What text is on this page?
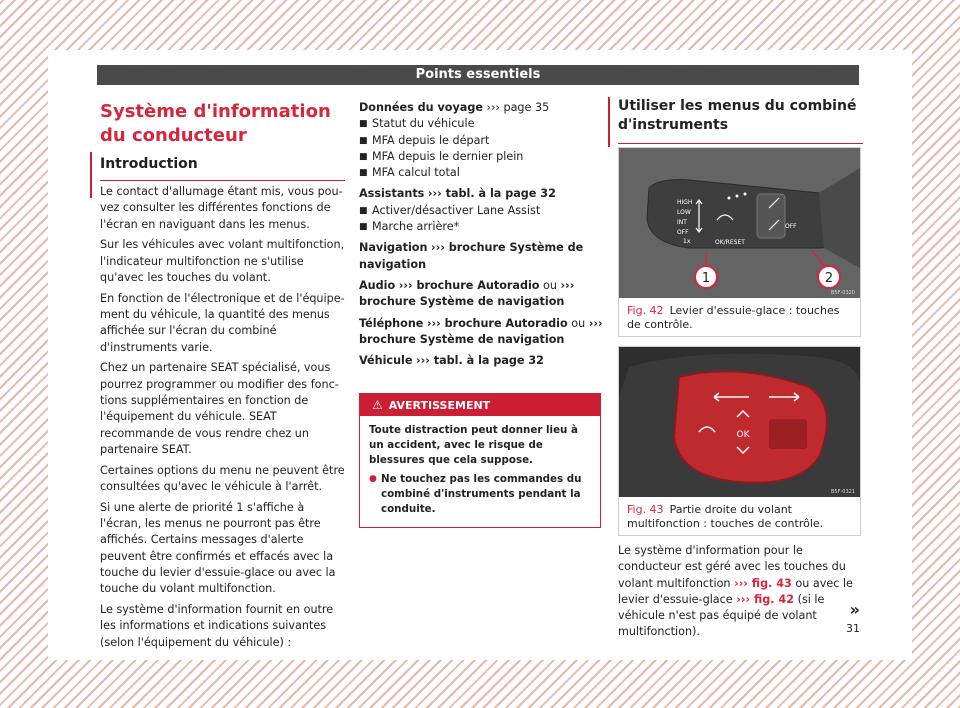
Points essentiels
Système d'information du conducteur
Introduction

Le contact d'allumage étant mis, vous pouvez consulter les différentes fonctions de l'écran en naviguant dans les menus.

Sur les véhicules avec volant multifonction, l'indicateur multifonction ne s'utilise qu'avec les touches du volant.

En fonction de l'électronique et de l'équipement du véhicule, la quantité des menus affichée sur l'écran du combiné d'instruments varie.

Chez un partenaire SEAT spécialisé, vous pourrez programmer ou modifier des fonctions supplémentaires en fonction de l'équipement du véhicule. SEAT recommande de vous rendre chez un partenaire SEAT.

Certaines options du menu ne peuvent être consultées qu'avec le véhicule à l'arrêt.

Si une alerte de priorité 1 s'affiche à l'écran, les menus ne pourront pas être affichés. Certains messages d'alerte peuvent être confirmés et effacés avec la touche du levier d'essuie-glace ou avec la touche du volant multifonction.

Le système d'information fournit en outre les informations et indications suivantes (selon l'équipement du véhicule) :

Données du voyage ››› page 35
■ Statut du véhicule
■ MFA depuis le départ
■ MFA depuis le dernier plein
■ MFA calcul total
Assistants ››› tabl. à la page 32
■ Activer/désactiver Lane Assist
■ Marche arrière*
Navigation ››› brochure Système de navigation
Audio ››› brochure Autoradio ou ››› brochure Système de navigation
Téléphone ››› brochure Autoradio ou ››› brochure Système de navigation
Véhicule ››› tabl. à la page 32
⚠ AVERTISSEMENT

Toute distraction peut donner lieu à un accident, avec le risque de blessures que cela suppose.

● Ne touchez pas les commandes du combiné d'instruments pendant la conduite.

Utiliser les menus du combiné d'instruments
HIGH
LOW
INT
OFF
1x	OK/RESET
OFF
1	2
B5F-0320
Fig. 42 Levier d'essuie-glace : touches de contrôle.
OK
B5F-0321
Fig. 43 Partie droite du volant multifonction : touches de contrôle.
Le système d'information pour le conducteur est géré avec les touches du volant multifonction ››› fig. 43 ou avec le levier d'essuie-glace ››› fig. 42 (si le véhicule n'est pas équipé de volant multifonction).
»
31
